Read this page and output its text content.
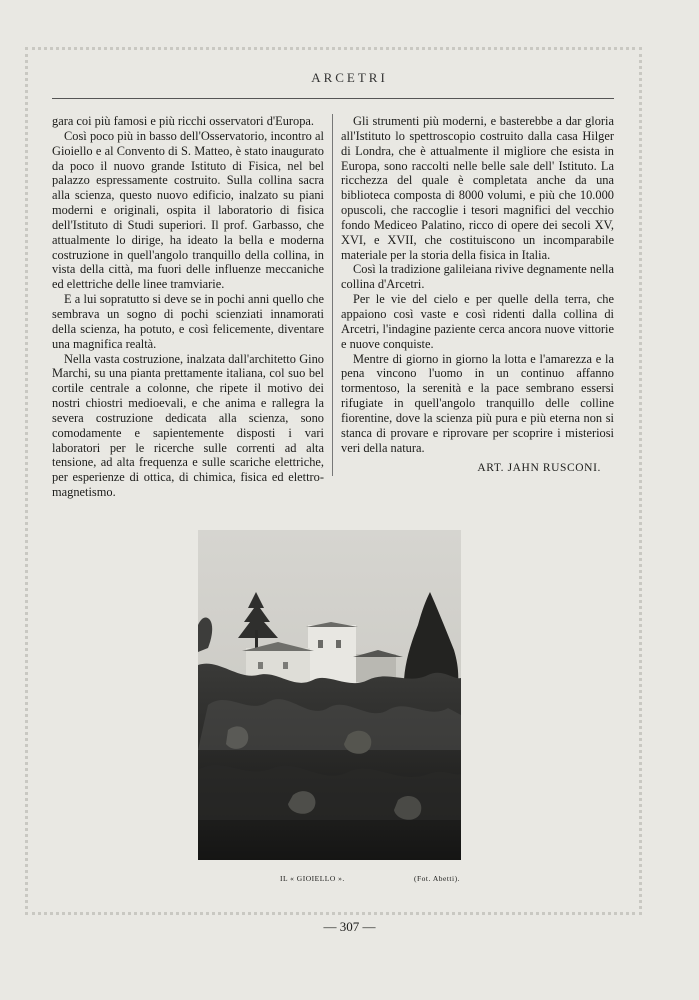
ARCETRI

gara coi più famosi e più ricchi osservatori d'Europa.

Così poco più in basso dell'Osservatorio, incontro al Gioiello e al Convento di S. Matteo, è stato inaugurato da poco il nuovo grande Istituto di Fisica, nel bel palazzo espressamente costruito. Sulla collina sacra alla scienza, questo nuovo edificio, inalzato su piani moderni e originali, ospita il laboratorio di fisica dell'Istituto di Studi superiori. Il prof. Garbasso, che attualmente lo dirige, ha ideato la bella e moderna costruzione in quell'angolo tranquillo della collina, in vista della città, ma fuori delle influenze meccaniche ed elettriche delle linee tramviarie.

E a lui sopratutto si deve se in pochi anni quello che sembrava un sogno di pochi scienziati innamorati della scienza, ha potuto, e così felicemente, diventare una magnifica realtà.

Nella vasta costruzione, inalzata dall'architetto Gino Marchi, su una pianta prettamente italiana, col suo bel cortile centrale a colonne, che ripete il motivo dei nostri chiostri medioevali, e che anima e rallegra la severa costruzione dedicata alla scienza, sono comodamente e sapientemente disposti i vari laboratori per le ricerche sulle correnti ad alta tensione, ad alta frequenza e sulle scariche elettriche, per esperienze di ottica, di chimica, fisica ed elettro-magnetismo.

Gli strumenti più moderni, e basterebbe a dar gloria all'Istituto lo spettroscopio costruito dalla casa Hilger di Londra, che è attualmente il migliore che esista in Europa, sono raccolti nelle belle sale dell' Istituto. La ricchezza del quale è completata anche da una biblioteca composta di 8000 volumi, e più che 10.000 opuscoli, che raccoglie i tesori magnifici del vecchio fondo Mediceo Palatino, ricco di opere dei secoli XV, XVI, e XVII, che costituiscono un incomparabile materiale per la storia della fisica in Italia.

Così la tradizione galileiana rivive degnamente nella collina d'Arcetri.

Per le vie del cielo e per quelle della terra, che appaiono così vaste e così ridenti dalla collina di Arcetri, l'indagine paziente cerca ancora nuove vittorie e nuove conquiste.

Mentre di giorno in giorno la lotta e l'amarezza e la pena vincono l'uomo in un continuo affanno tormentoso, la serenità e la pace sembrano essersi rifugiate in quell'angolo tranquillo delle colline fiorentine, dove la scienza più pura e più eterna non si stanca di provare e riprovare per scoprire i misteriosi veri della natura.

ART. JAHN RUSCONI.
IL « GIOIELLO ».	(Fot. Abetti).
— 307 —
